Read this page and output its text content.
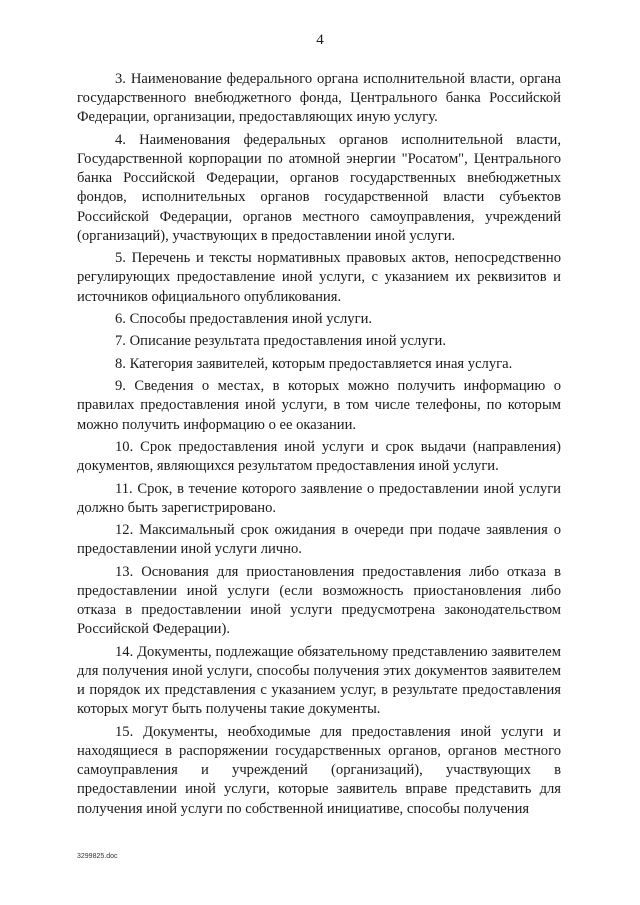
4

3. Наименование федерального органа исполнительной власти, органа государственного внебюджетного фонда, Центрального банка Российской Федерации, организации, предоставляющих иную услугу.

4. Наименования федеральных органов исполнительной власти, Государственной корпорации по атомной энергии "Росатом", Центрального банка Российской Федерации, органов государственных внебюджетных фондов, исполнительных органов государственной власти субъектов Российской Федерации, органов местного самоуправления, учреждений (организаций), участвующих в предоставлении иной услуги.

5. Перечень и тексты нормативных правовых актов, непосредственно регулирующих предоставление иной услуги, с указанием их реквизитов и источников официального опубликования.

6. Способы предоставления иной услуги.

7. Описание результата предоставления иной услуги.

8. Категория заявителей, которым предоставляется иная услуга.

9. Сведения о местах, в которых можно получить информацию о правилах предоставления иной услуги, в том числе телефоны, по которым можно получить информацию о ее оказании.

10. Срок предоставления иной услуги и срок выдачи (направления) документов, являющихся результатом предоставления иной услуги.

11. Срок, в течение которого заявление о предоставлении иной услуги должно быть зарегистрировано.

12. Максимальный срок ожидания в очереди при подаче заявления о предоставлении иной услуги лично.

13. Основания для приостановления предоставления либо отказа в предоставлении иной услуги (если возможность приостановления либо отказа в предоставлении иной услуги предусмотрена законодательством Российской Федерации).

14. Документы, подлежащие обязательному представлению заявителем для получения иной услуги, способы получения этих документов заявителем и порядок их представления с указанием услуг, в результате предоставления которых могут быть получены такие документы.

15. Документы, необходимые для предоставления иной услуги и находящиеся в распоряжении государственных органов, органов местного самоуправления и учреждений (организаций), участвующих в предоставлении иной услуги, которые заявитель вправе представить для получения иной услуги по собственной инициативе, способы получения

3299825.doc
